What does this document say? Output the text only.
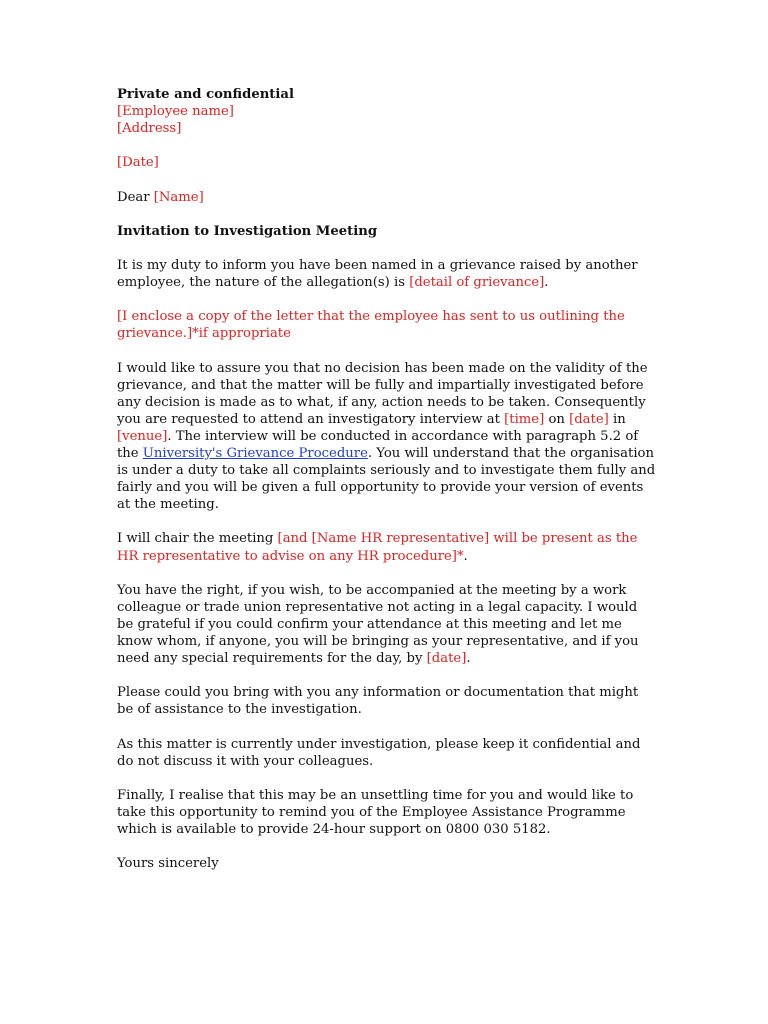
Private and confidential

[Employee name]

[Address]

[Date]

Dear [Name]

Invitation to Investigation Meeting

It is my duty to inform you have been named in a grievance raised by another employee, the nature of the allegation(s) is [detail of grievance].

[I enclose a copy of the letter that the employee has sent to us outlining the grievance.]*if appropriate

I would like to assure you that no decision has been made on the validity of the grievance, and that the matter will be fully and impartially investigated before any decision is made as to what, if any, action needs to be taken. Consequently you are requested to attend an investigatory interview at [time] on [date] in [venue]. The interview will be conducted in accordance with paragraph 5.2 of the University's Grievance Procedure. You will understand that the organisation is under a duty to take all complaints seriously and to investigate them fully and fairly and you will be given a full opportunity to provide your version of events at the meeting.

I will chair the meeting [and [Name HR representative] will be present as the HR representative to advise on any HR procedure]*.

You have the right, if you wish, to be accompanied at the meeting by a work colleague or trade union representative not acting in a legal capacity. I would be grateful if you could confirm your attendance at this meeting and let me know whom, if anyone, you will be bringing as your representative, and if you need any special requirements for the day, by [date].

Please could you bring with you any information or documentation that might be of assistance to the investigation.

As this matter is currently under investigation, please keep it confidential and do not discuss it with your colleagues.

Finally, I realise that this may be an unsettling time for you and would like to take this opportunity to remind you of the Employee Assistance Programme which is available to provide 24-hour support on 0800 030 5182.

Yours sincerely
